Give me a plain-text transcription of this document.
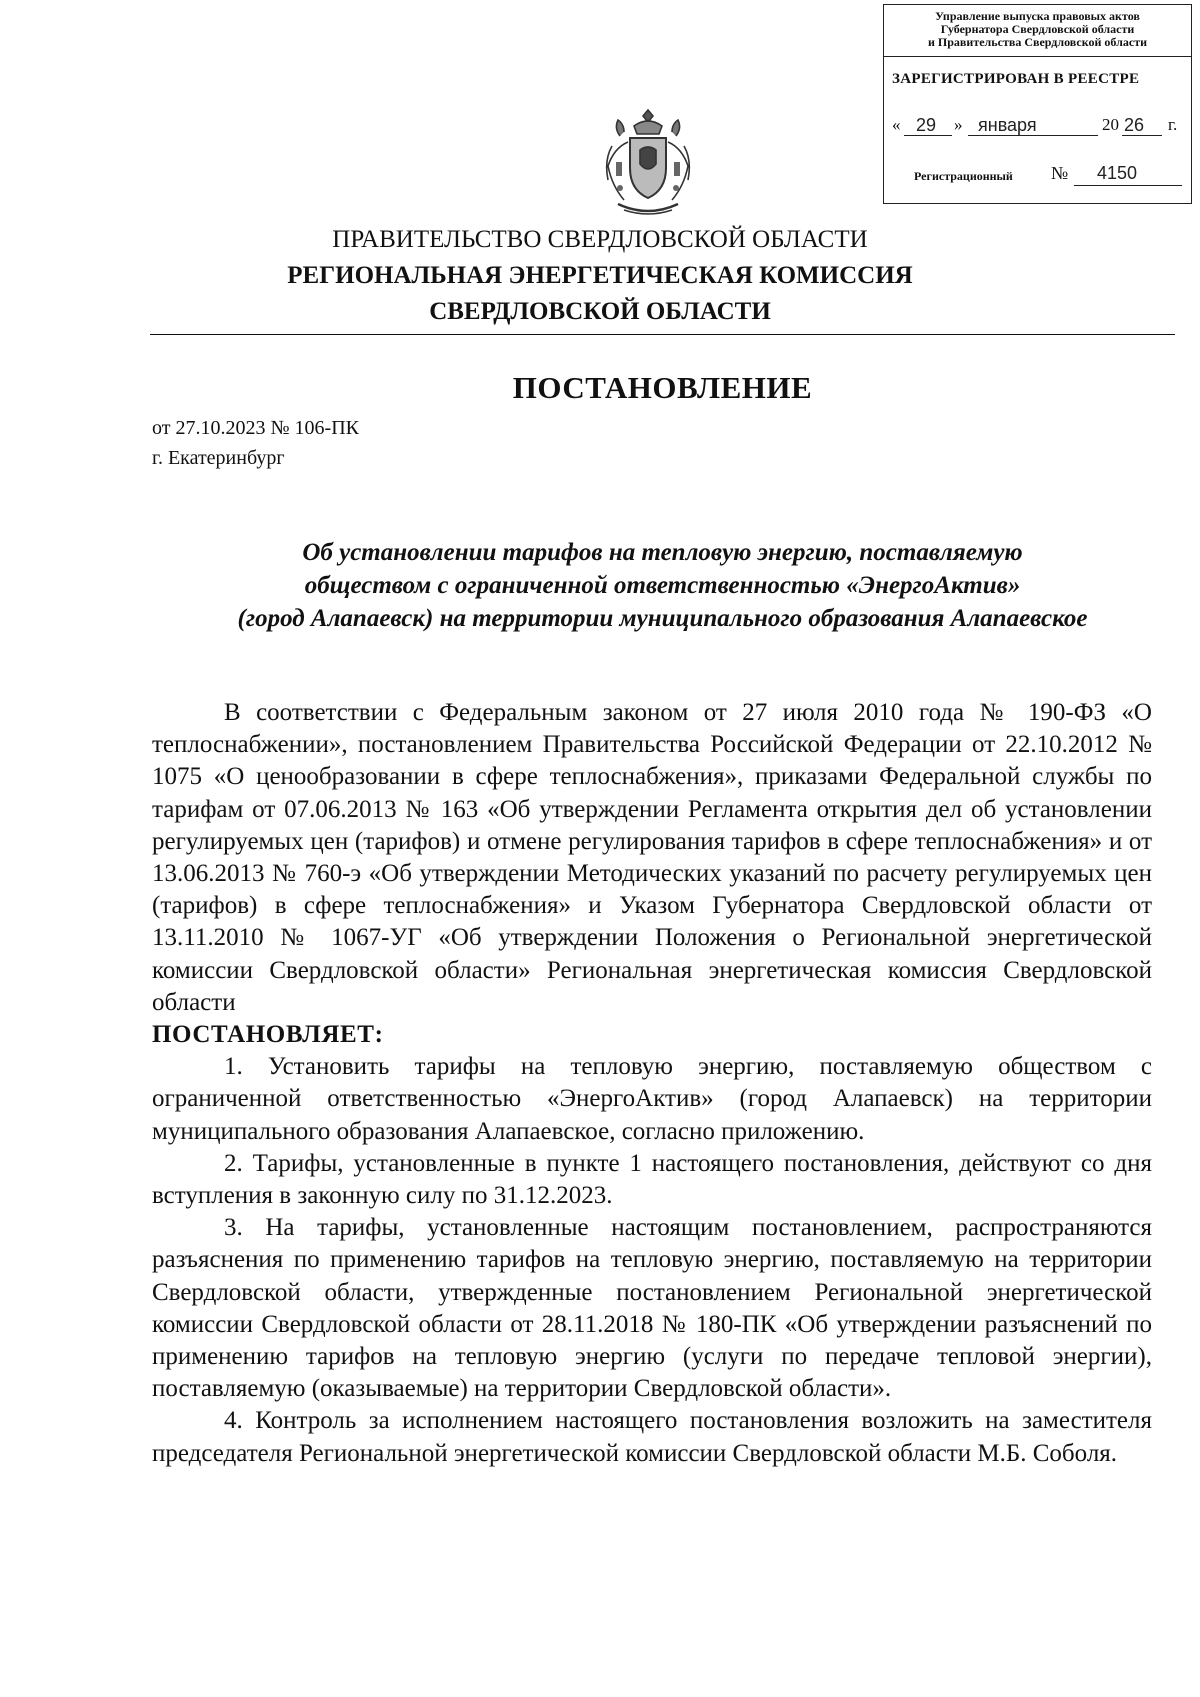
Управление выпуска правовых актов
Губернатора Свердловской области
и Правительства Свердловской области
ЗАРЕГИСТРИРОВАН В РЕЕСТРЕ
« 29 » января	20 26 г.
Регистрационный № 4150
ПРАВИТЕЛЬСТВО СВЕРДЛОВСКОЙ ОБЛАСТИ
РЕГИОНАЛЬНАЯ ЭНЕРГЕТИЧЕСКАЯ КОМИССИЯ
СВЕРДЛОВСКОЙ ОБЛАСТИ
ПОСТАНОВЛЕНИЕ
от 27.10.2023 № 106-ПК
г. Екатеринбург
Об установлении тарифов на тепловую энергию, поставляемую
обществом с ограниченной ответственностью «ЭнергоАктив»
(город Алапаевск) на территории муниципального образования Алапаевское

В соответствии с Федеральным законом от 27 июля 2010 года № 190-ФЗ «О теплоснабжении», постановлением Правительства Российской Федерации от 22.10.2012 № 1075 «О ценообразовании в сфере теплоснабжения», приказами Федеральной службы по тарифам от 07.06.2013 № 163 «Об утверждении Регламента открытия дел об установлении регулируемых цен (тарифов) и отмене регулирования тарифов в сфере теплоснабжения» и от 13.06.2013 № 760-э «Об утверждении Методических указаний по расчету регулируемых цен (тарифов) в сфере теплоснабжения» и Указом Губернатора Свердловской области от 13.11.2010 № 1067-УГ «Об утверждении Положения о Региональной энергетической комиссии Свердловской области» Региональная энергетическая комиссия Свердловской области

ПОСТАНОВЛЯЕТ:

1. Установить тарифы на тепловую энергию, поставляемую обществом с ограниченной ответственностью «ЭнергоАктив» (город Алапаевск) на территории муниципального образования Алапаевское, согласно приложению.

2. Тарифы, установленные в пункте 1 настоящего постановления, действуют со дня вступления в законную силу по 31.12.2023.

3. На тарифы, установленные настоящим постановлением, распространяются разъяснения по применению тарифов на тепловую энергию, поставляемую на территории Свердловской области, утвержденные постановлением Региональной энергетической комиссии Свердловской области от 28.11.2018 № 180-ПК «Об утверждении разъяснений по применению тарифов на тепловую энергию (услуги по передаче тепловой энергии), поставляемую (оказываемые) на территории Свердловской области».

4. Контроль за исполнением настоящего постановления возложить на заместителя председателя Региональной энергетической комиссии Свердловской области М.Б. Соболя.
